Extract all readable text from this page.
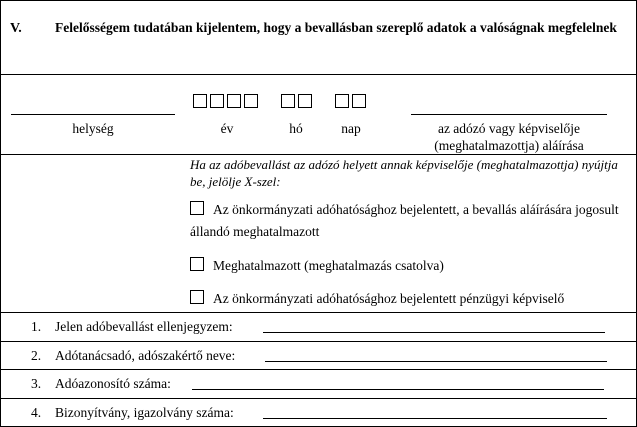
V. Felelősségem tudatában kijelentem, hogy a bevallásban szereplő adatok a valóságnak megfelelnek
helység	év	hó	nap	az adózó vagy képviselője
(meghatalmazottja) aláírása
Ha az adóbevallást az adózó helyett annak képviselője (meghatalmazottja) nyújtja be, jelölje X-szel:
Az önkormányzati adóhatósághoz bejelentett, a bevallás aláírására jogosult állandó meghatalmazott
Meghatalmazott (meghatalmazás csatolva)
Az önkormányzati adóhatósághoz bejelentett pénzügyi képviselő
1. Jelen adóbevallást ellenjegyzem:
2. Adótanácsadó, adószakértő neve:
3. Adóazonosító száma:
4. Bizonyítvány, igazolvány száma:
